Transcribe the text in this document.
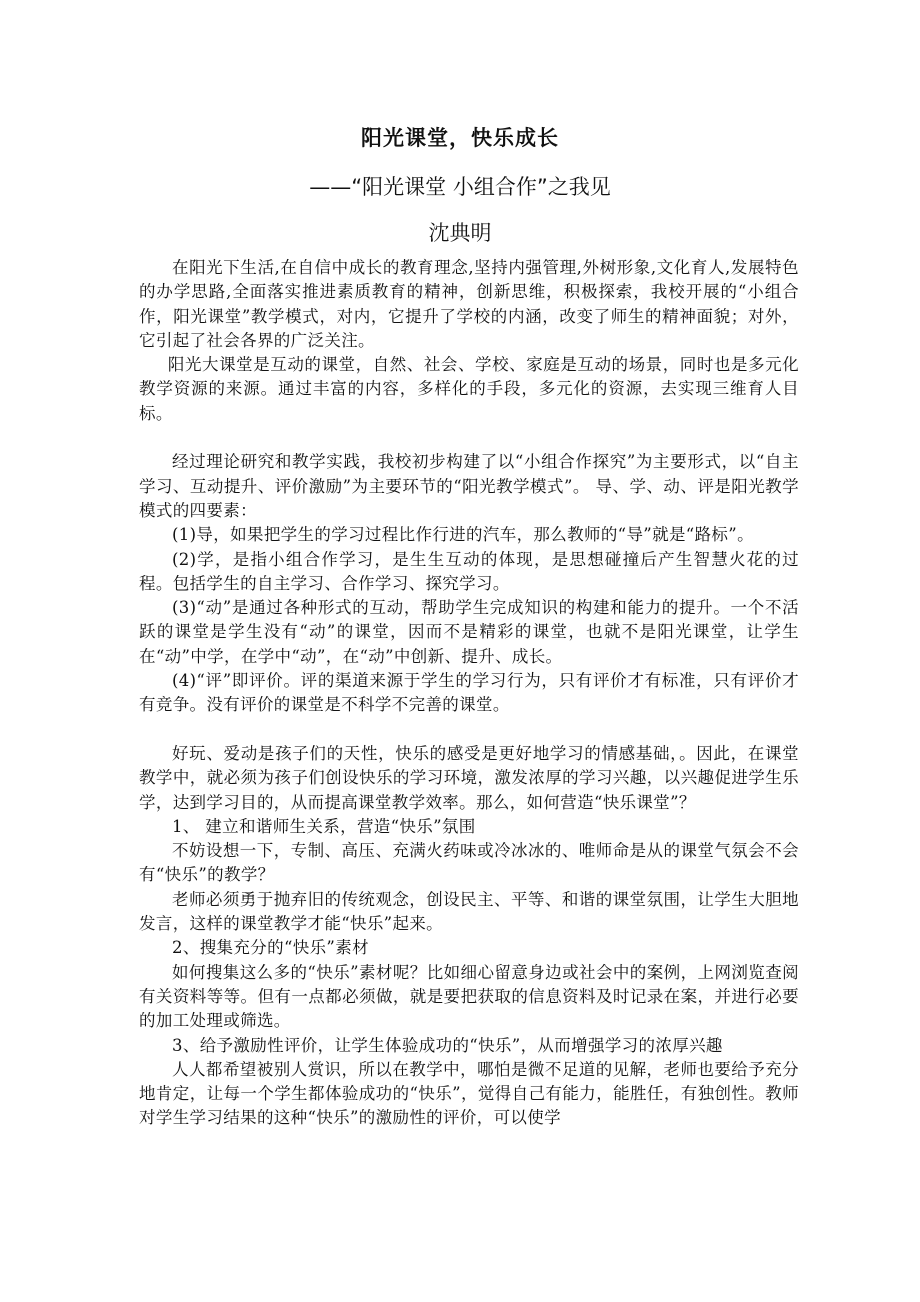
阳光课堂，快乐成长
——“阳光课堂 小组合作”之我见
沈典明

在阳光下生活,在自信中成长的教育理念,坚持内强管理,外树形象,文化育人,发展特色的办学思路,全面落实推进素质教育的精神，创新思维，积极探索，我校开展的“小组合作，阳光课堂”教学模式，对内，它提升了学校的内涵，改变了师生的精神面貌；对外，它引起了社会各界的广泛关注。

阳光大课堂是互动的课堂，自然、社会、学校、家庭是互动的场景，同时也是多元化教学资源的来源。通过丰富的内容，多样化的手段，多元化的资源，去实现三维育人目标。

经过理论研究和教学实践，我校初步构建了以“小组合作探究”为主要形式，以“自主学习、互动提升、评价激励”为主要环节的“阳光教学模式”。 导、学、动、评是阳光教学模式的四要素：

(1)导，如果把学生的学习过程比作行进的汽车，那么教师的“导”就是“路标”。

(2)学，是指小组合作学习，是生生互动的体现，是思想碰撞后产生智慧火花的过程。包括学生的自主学习、合作学习、探究学习。

(3)“动”是通过各种形式的互动，帮助学生完成知识的构建和能力的提升。一个不活跃的课堂是学生没有“动”的课堂，因而不是精彩的课堂，也就不是阳光课堂，让学生在“动”中学，在学中“动”，在“动”中创新、提升、成长。

(4)“评”即评价。评的渠道来源于学生的学习行为，只有评价才有标准，只有评价才有竞争。没有评价的课堂是不科学不完善的课堂。

好玩、爱动是孩子们的天性，快乐的感受是更好地学习的情感基础，。因此，在课堂教学中，就必须为孩子们创设快乐的学习环境，激发浓厚的学习兴趣，以兴趣促进学生乐学，达到学习目的，从而提高课堂教学效率。那么，如何营造“快乐课堂”？

1、 建立和谐师生关系，营造“快乐”氛围

不妨设想一下，专制、高压、充满火药味或冷冰冰的、唯师命是从的课堂气氛会不会有“快乐”的教学？

老师必须勇于抛弃旧的传统观念，创设民主、平等、和谐的课堂氛围，让学生大胆地发言，这样的课堂教学才能“快乐”起来。

2、搜集充分的“快乐”素材

如何搜集这么多的“快乐”素材呢？比如细心留意身边或社会中的案例，上网浏览查阅有关资料等等。但有一点都必须做，就是要把获取的信息资料及时记录在案，并进行必要的加工处理或筛选。

3、给予激励性评价，让学生体验成功的“快乐”，从而增强学习的浓厚兴趣

人人都希望被别人赏识，所以在教学中，哪怕是微不足道的见解，老师也要给予充分地肯定，让每一个学生都体验成功的“快乐”，觉得自己有能力，能胜任，有独创性。教师对学生学习结果的这种“快乐”的激励性的评价，可以使学
